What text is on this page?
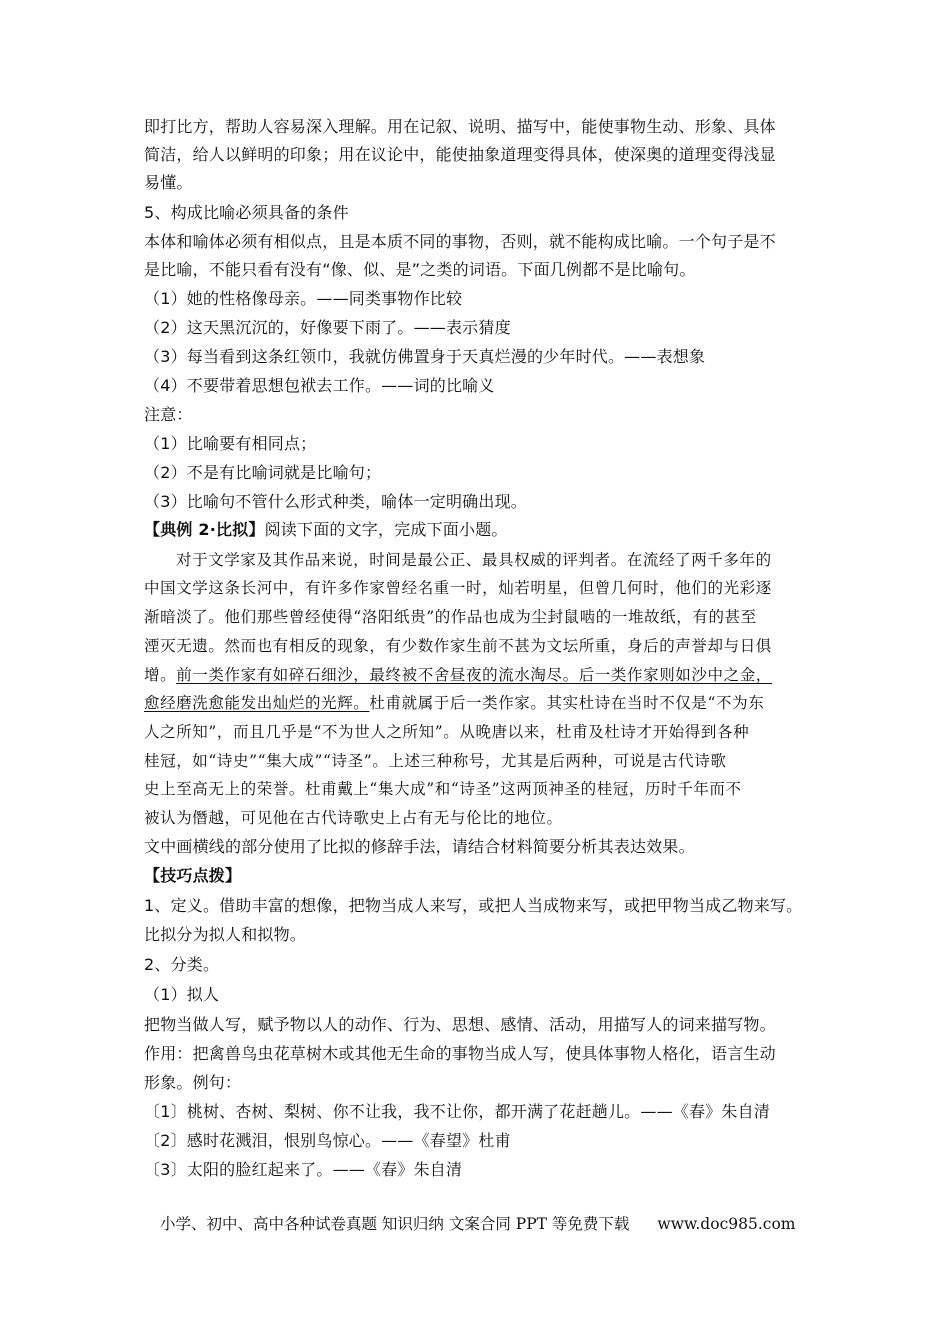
即打比方，帮助人容易深入理解。用在记叙、说明、描写中，能使事物生动、形象、具体
简洁，给人以鲜明的印象；用在议论中，能使抽象道理变得具体，使深奥的道理变得浅显
易懂。
5、构成比喻必须具备的条件
本体和喻体必须有相似点，且是本质不同的事物，否则，就不能构成比喻。一个句子是不
是比喻，不能只看有没有“像、似、是”之类的词语。下面几例都不是比喻句。
（1）她的性格像母亲。——同类事物作比较
（2）这天黑沉沉的，好像要下雨了。——表示猜度
（3）每当看到这条红领巾，我就仿佛置身于天真烂漫的少年时代。——表想象
（4）不要带着思想包袱去工作。——词的比喻义
注意：
（1）比喻要有相同点；
（2）不是有比喻词就是比喻句；
（3）比喻句不管什么形式种类，喻体一定明确出现。
【典例 2·比拟】阅读下面的文字，完成下面小题。
对于文学家及其作品来说，时间是最公正、最具权威的评判者。在流经了两千多年的
中国文学这条长河中，有许多作家曾经名重一时，灿若明星，但曾几何时，他们的光彩逐
渐暗淡了。他们那些曾经使得“洛阳纸贵”的作品也成为尘封鼠啮的一堆故纸，有的甚至
湮灭无遗。然而也有相反的现象，有少数作家生前不甚为文坛所重，身后的声誉却与日俱
增。前一类作家有如碎石细沙，最终被不舍昼夜的流水淘尽。后一类作家则如沙中之金，
愈经磨洗愈能发出灿烂的光辉。杜甫就属于后一类作家。其实杜诗在当时不仅是“不为东
人之所知”，而且几乎是“不为世人之所知”。从晚唐以来，杜甫及杜诗才开始得到各种
桂冠，如“诗史”“集大成”“诗圣”。上述三种称号，尤其是后两种，可说是古代诗歌
史上至高无上的荣誉。杜甫戴上“集大成”和“诗圣”这两顶神圣的桂冠，历时千年而不
被认为僭越，可见他在古代诗歌史上占有无与伦比的地位。
文中画横线的部分使用了比拟的修辞手法，请结合材料简要分析其表达效果。
【技巧点拨】
1、定义。借助丰富的想像，把物当成人来写，或把人当成物来写，或把甲物当成乙物来写。
比拟分为拟人和拟物。
2、分类。
（1）拟人
把物当做人写，赋予物以人的动作、行为、思想、感情、活动，用描写人的词来描写物。
作用：把禽兽鸟虫花草树木或其他无生命的事物当成人写，使具体事物人格化，语言生动
形象。例句：
〔1〕桃树、杏树、梨树、你不让我，我不让你，都开满了花赶趟儿。——《春》朱自清
〔2〕感时花溅泪，恨别鸟惊心。——《春望》杜甫
〔3〕太阳的脸红起来了。——《春》朱自清
小学、初中、高中各种试卷真题 知识归纳 文案合同 PPT 等免费下载 www.doc985.com
